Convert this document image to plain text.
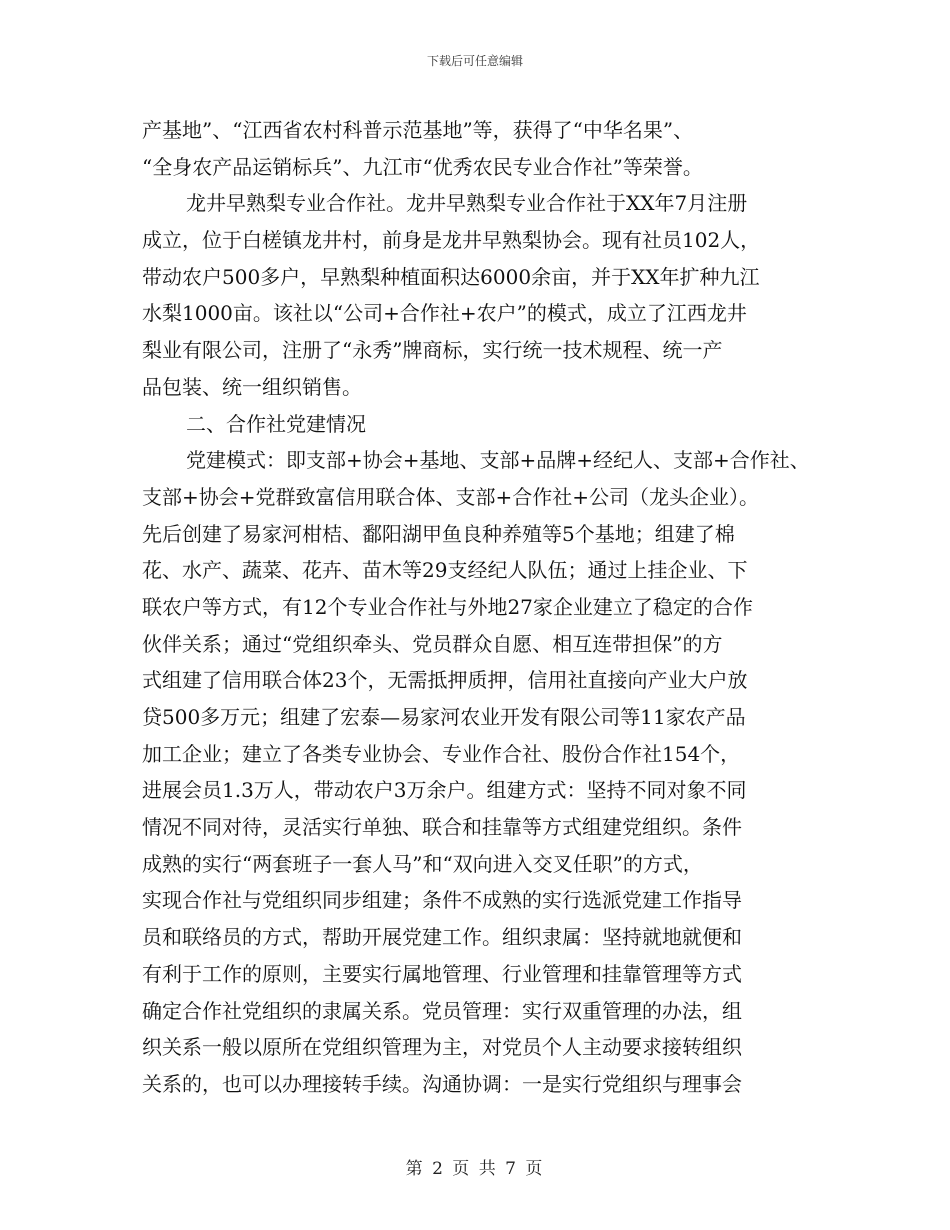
下载后可任意编辑
产基地”、“江西省农村科普示范基地”等，获得了“中华名果”、
“全身农产品运销标兵”、九江市“优秀农民专业合作社”等荣誉。
龙井早熟梨专业合作社。龙井早熟梨专业合作社于XX年7月注册
成立，位于白槎镇龙井村，前身是龙井早熟梨协会。现有社员102人，
带动农户500多户，早熟梨种植面积达6000余亩，并于XX年扩种九江
水梨1000亩。该社以“公司+合作社+农户”的模式，成立了江西龙井
梨业有限公司，注册了“永秀”牌商标，实行统一技术规程、统一产
品包装、统一组织销售。
二、合作社党建情况
党建模式：即支部+协会+基地、支部+品牌+经纪人、支部+合作社、
支部+协会+党群致富信用联合体、支部+合作社+公司（龙头企业）。
先后创建了易家河柑桔、鄱阳湖甲鱼良种养殖等5个基地；组建了棉
花、水产、蔬菜、花卉、苗木等29支经纪人队伍；通过上挂企业、下
联农户等方式，有12个专业合作社与外地27家企业建立了稳定的合作
伙伴关系；通过“党组织牵头、党员群众自愿、相互连带担保”的方
式组建了信用联合体23个，无需抵押质押，信用社直接向产业大户放
贷500多万元；组建了宏泰—易家河农业开发有限公司等11家农产品
加工企业；建立了各类专业协会、专业作合社、股份合作社154个，
进展会员1.3万人，带动农户3万余户。组建方式：坚持不同对象不同
情况不同对待，灵活实行单独、联合和挂靠等方式组建党组织。条件
成熟的实行“两套班子一套人马”和“双向进入交叉任职”的方式，
实现合作社与党组织同步组建；条件不成熟的实行选派党建工作指导
员和联络员的方式，帮助开展党建工作。组织隶属：坚持就地就便和
有利于工作的原则，主要实行属地管理、行业管理和挂靠管理等方式
确定合作社党组织的隶属关系。党员管理：实行双重管理的办法，组
织关系一般以原所在党组织管理为主，对党员个人主动要求接转组织
关系的，也可以办理接转手续。沟通协调：一是实行党组织与理事会
第 2 页 共 7 页
